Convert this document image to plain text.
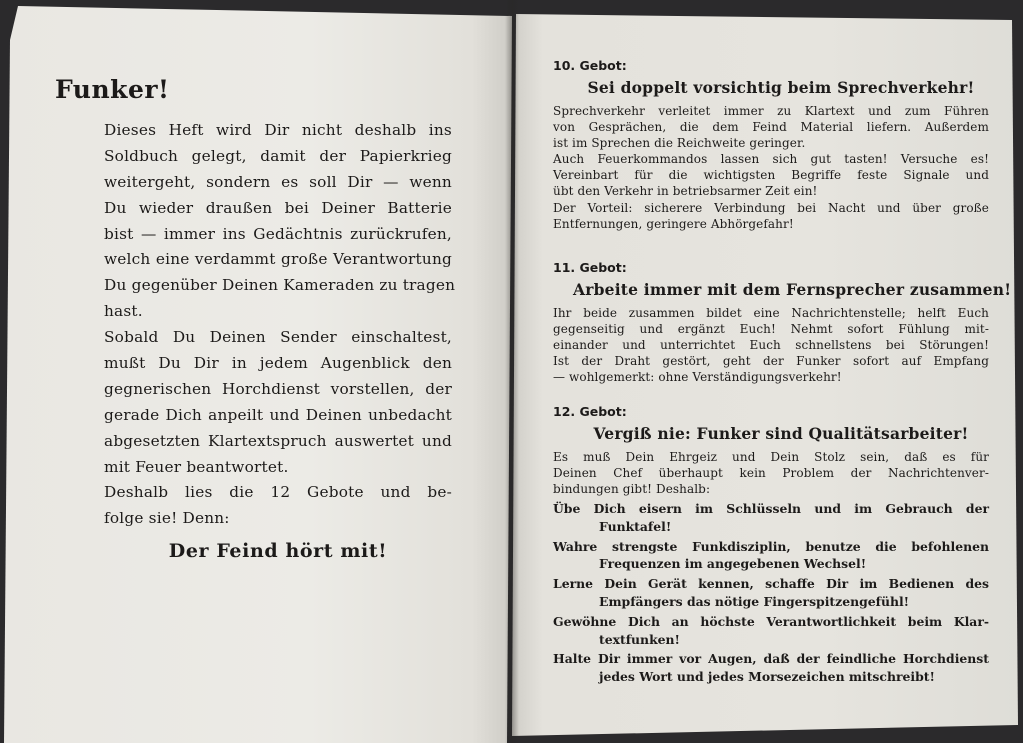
Funker!
Dieses Heft wird Dir nicht deshalb ins
Soldbuch gelegt, damit der Papierkrieg
weitergeht, sondern es soll Dir — wenn
Du wieder draußen bei Deiner Batterie
bist — immer ins Gedächtnis zurückrufen,
welch eine verdammt große Verantwortung
Du gegenüber Deinen Kameraden zu tragen
hast.
Sobald Du Deinen Sender einschaltest,
mußt Du Dir in jedem Augenblick den
gegnerischen Horchdienst vorstellen, der
gerade Dich anpeilt und Deinen unbedacht
abgesetzten Klartextspruch auswertet und
mit Feuer beantwortet.
Deshalb lies die 12 Gebote und be-
folge sie! Denn:
Der Feind hört mit!
10. Gebot:
Sei doppelt vorsichtig beim Sprechverkehr!
Sprechverkehr verleitet immer zu Klartext und zum Führen
von Gesprächen, die dem Feind Material liefern. Außerdem
ist im Sprechen die Reichweite geringer.
Auch Feuerkommandos lassen sich gut tasten! Versuche es!
Vereinbart für die wichtigsten Begriffe feste Signale und
übt den Verkehr in betriebsarmer Zeit ein!
Der Vorteil: sicherere Verbindung bei Nacht und über große
Entfernungen, geringere Abhörgefahr!
11. Gebot:
Arbeite immer mit dem Fernsprecher zusammen!
Ihr beide zusammen bildet eine Nachrichtenstelle; helft Euch
gegenseitig und ergänzt Euch! Nehmt sofort Fühlung mit-
einander und unterrichtet Euch schnellstens bei Störungen!
Ist der Draht gestört, geht der Funker sofort auf Empfang
— wohlgemerkt: ohne Verständigungsverkehr!
12. Gebot:
Vergiß nie: Funker sind Qualitätsarbeiter!
Es muß Dein Ehrgeiz und Dein Stolz sein, daß es für
Deinen Chef überhaupt kein Problem der Nachrichtenver-
bindungen gibt! Deshalb:
Übe Dich eisern im Schlüsseln und im Gebrauch der
Funktafel!
Wahre strengste Funkdisziplin, benutze die befohlenen
Frequenzen im angegebenen Wechsel!
Lerne Dein Gerät kennen, schaffe Dir im Bedienen des
Empfängers das nötige Fingerspitzengefühl!
Gewöhne Dich an höchste Verantwortlichkeit beim Klar-
textfunken!
Halte Dir immer vor Augen, daß der feindliche Horchdienst
jedes Wort und jedes Morsezeichen mitschreibt!
